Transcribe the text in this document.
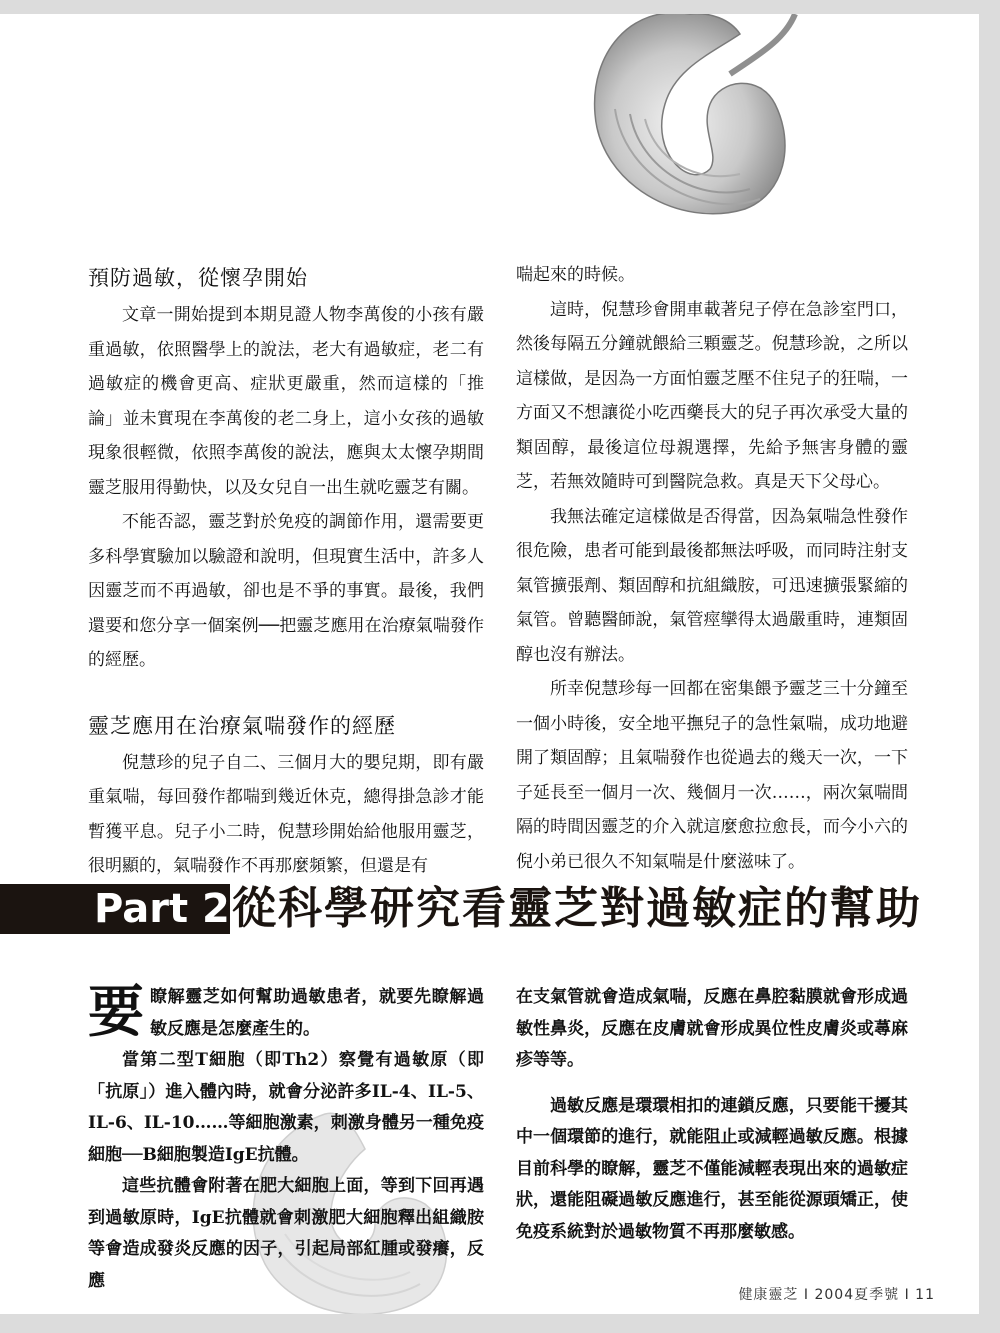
預防過敏，從懷孕開始

文章一開始提到本期見證人物李萬俊的小孩有嚴重過敏，依照醫學上的說法，老大有過敏症，老二有過敏症的機會更高、症狀更嚴重，然而這樣的「推論」並未實現在李萬俊的老二身上，這小女孩的過敏現象很輕微，依照李萬俊的說法，應與太太懷孕期間靈芝服用得勤快，以及女兒自一出生就吃靈芝有關。

不能否認，靈芝對於免疫的調節作用，還需要更多科學實驗加以驗證和說明，但現實生活中，許多人因靈芝而不再過敏，卻也是不爭的事實。最後，我們還要和您分享一個案例──把靈芝應用在治療氣喘發作的經歷。

靈芝應用在治療氣喘發作的經歷

倪慧珍的兒子自二、三個月大的嬰兒期，即有嚴重氣喘，每回發作都喘到幾近休克，總得掛急診才能暫獲平息。兒子小二時，倪慧珍開始給他服用靈芝，很明顯的，氣喘發作不再那麼頻繁，但還是有

喘起來的時候。

這時，倪慧珍會開車載著兒子停在急診室門口，然後每隔五分鐘就餵給三顆靈芝。倪慧珍說，之所以這樣做，是因為一方面怕靈芝壓不住兒子的狂喘，一方面又不想讓從小吃西藥長大的兒子再次承受大量的類固醇，最後這位母親選擇，先給予無害身體的靈芝，若無效隨時可到醫院急救。真是天下父母心。

我無法確定這樣做是否得當，因為氣喘急性發作很危險，患者可能到最後都無法呼吸，而同時注射支氣管擴張劑、類固醇和抗組織胺，可迅速擴張緊縮的氣管。曾聽醫師說，氣管痙攣得太過嚴重時，連類固醇也沒有辦法。

所幸倪慧珍每一回都在密集餵予靈芝三十分鐘至一個小時後，安全地平撫兒子的急性氣喘，成功地避開了類固醇；且氣喘發作也從過去的幾天一次，一下子延長至一個月一次、幾個月一次……，兩次氣喘間隔的時間因靈芝的介入就這麼愈拉愈長，而今小六的倪小弟已很久不知氣喘是什麼滋味了。

Part 2 從科學研究看靈芝對過敏症的幫助

要瞭解靈芝如何幫助過敏患者，就要先瞭解過敏反應是怎麼產生的。

當第二型T細胞（即Th2）察覺有過敏原（即「抗原」）進入體內時，就會分泌許多IL-4、IL-5、IL-6、IL-10……等細胞激素，刺激身體另一種免疫細胞──B細胞製造IgE抗體。

這些抗體會附著在肥大細胞上面，等到下回再遇到過敏原時，IgE抗體就會刺激肥大細胞釋出組織胺等會造成發炎反應的因子，引起局部紅腫或發癢，反應

在支氣管就會造成氣喘，反應在鼻腔黏膜就會形成過敏性鼻炎，反應在皮膚就會形成異位性皮膚炎或蕁麻疹等等。

過敏反應是環環相扣的連鎖反應，只要能干擾其中一個環節的進行，就能阻止或減輕過敏反應。根據目前科學的瞭解，靈芝不僅能減輕表現出來的過敏症狀，還能阻礙過敏反應進行，甚至能從源頭矯正，使免疫系統對於過敏物質不再那麼敏感。

健康靈芝 I 2004夏季號 I 11
